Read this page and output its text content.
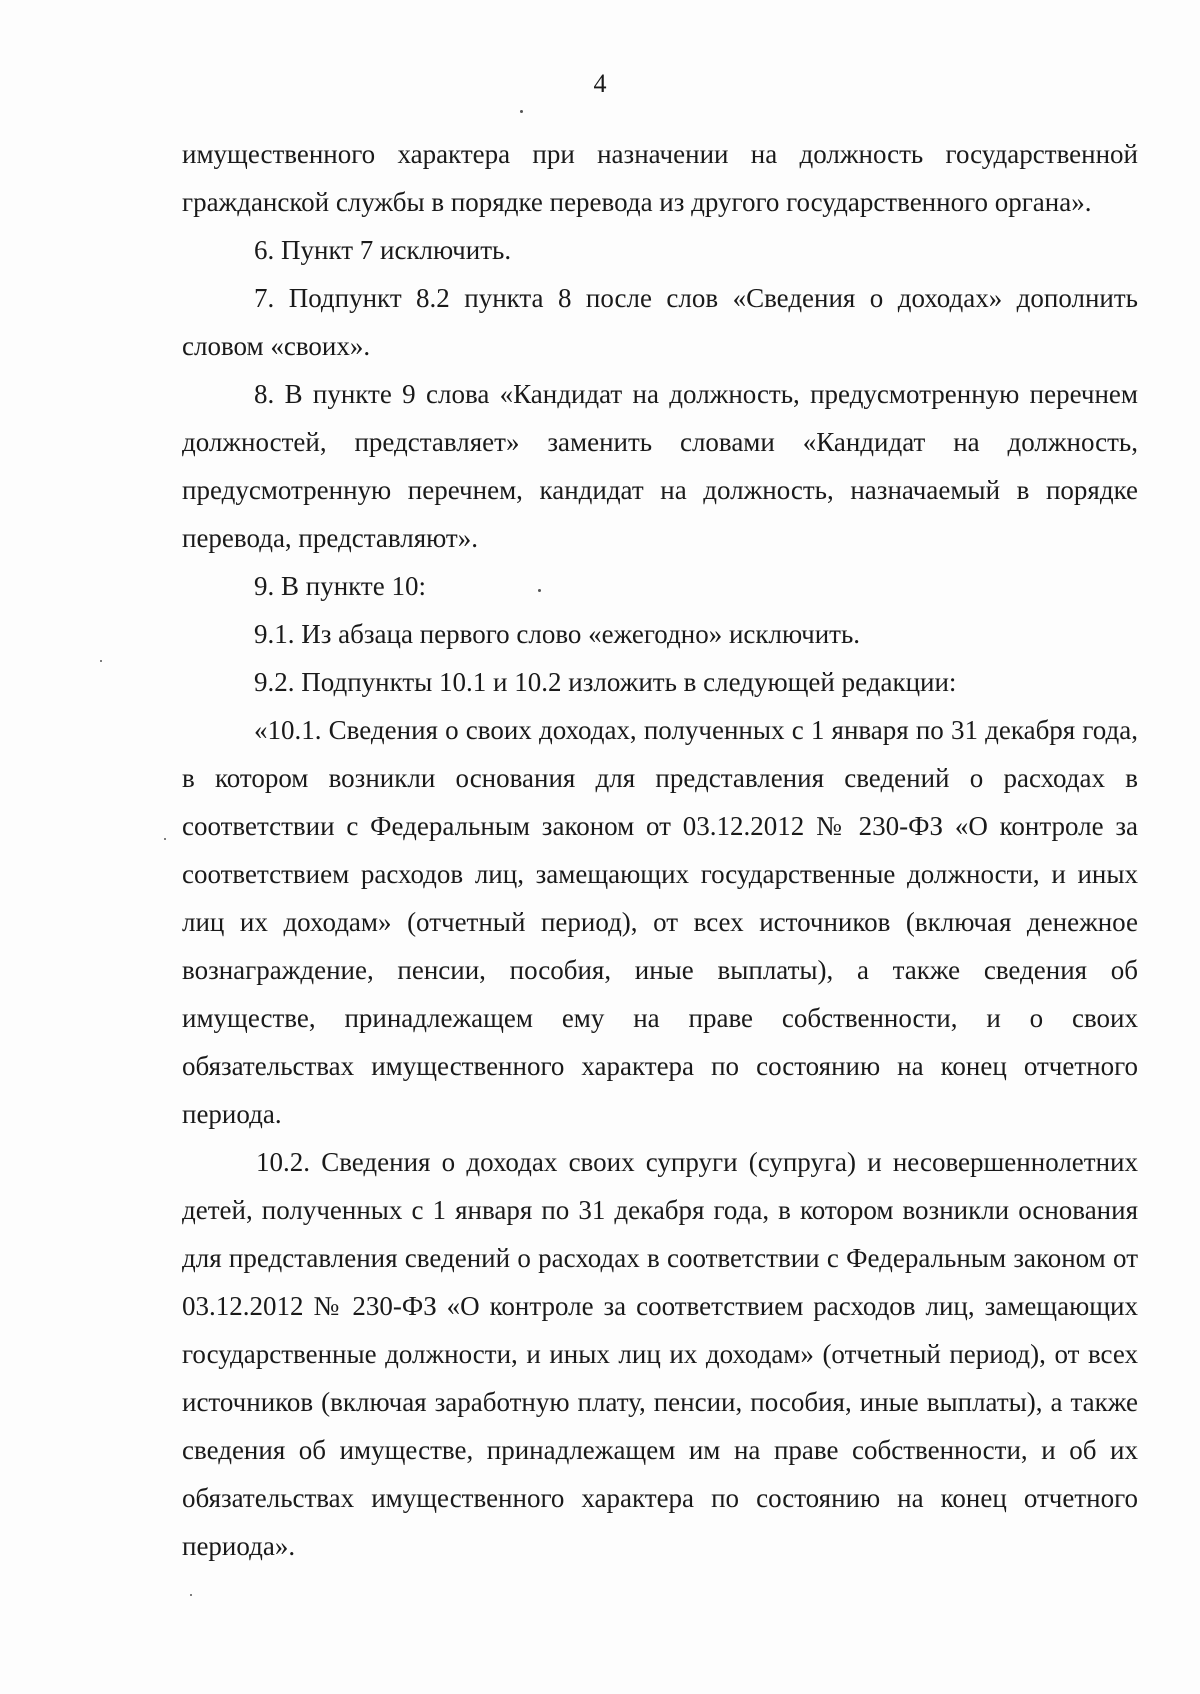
4

имущественного характера при назначении на должность государственной гражданской службы в порядке перевода из другого государственного органа».

6. Пункт 7 исключить.

7. Подпункт 8.2 пункта 8 после слов «Сведения о доходах» дополнить словом «своих».

8. В пункте 9 слова «Кандидат на должность, предусмотренную перечнем должностей, представляет» заменить словами «Кандидат на должность, предусмотренную перечнем, кандидат на должность, назначаемый в порядке перевода, представляют».

9. В пункте 10:

9.1. Из абзаца первого слово «ежегодно» исключить.

9.2. Подпункты 10.1 и 10.2 изложить в следующей редакции:

«10.1. Сведения о своих доходах, полученных с 1 января по 31 декабря года, в котором возникли основания для представления сведений о расходах в соответствии с Федеральным законом от 03.12.2012 № 230-ФЗ «О контроле за соответствием расходов лиц, замещающих государственные должности, и иных лиц их доходам» (отчетный период), от всех источников (включая денежное вознаграждение, пенсии, пособия, иные выплаты), а также сведения об имуществе, принадлежащем ему на праве собственности, и о своих обязательствах имущественного характера по состоянию на конец отчетного периода.

10.2. Сведения о доходах своих супруги (супруга) и несовершеннолетних детей, полученных с 1 января по 31 декабря года, в котором возникли основания для представления сведений о расходах в соответствии с Федеральным законом от 03.12.2012 № 230-ФЗ «О контроле за соответствием расходов лиц, замещающих государственные должности, и иных лиц их доходам» (отчетный период), от всех источников (включая заработную плату, пенсии, пособия, иные выплаты), а также сведения об имуществе, принадлежащем им на праве собственности, и об их обязательствах имущественного характера по состоянию на конец отчетного периода».
